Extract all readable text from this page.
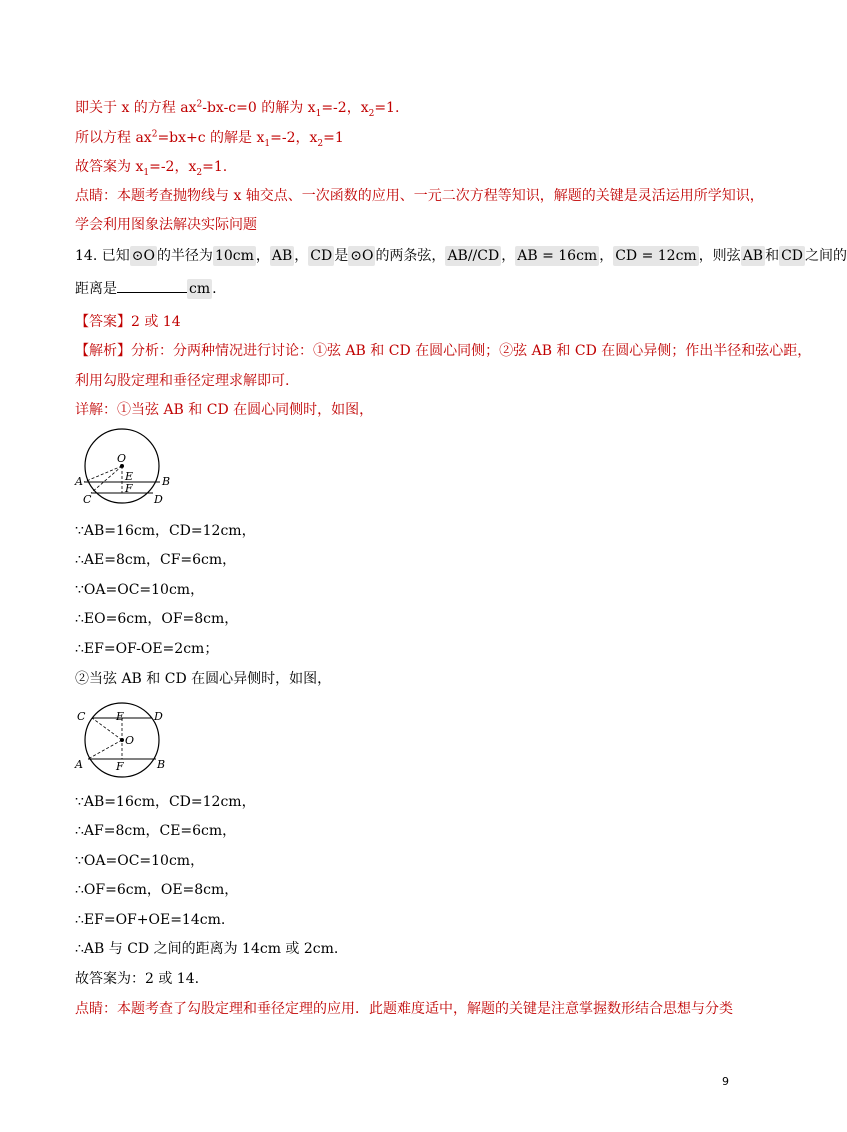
即关于 x 的方程 $ax^2-bx-c=0$ 的解为 $x_1=-2$，$x_2=1$.
所以方程 $ax^2=bx+c$ 的解是 $x_1=-2$，$x_2=1$
故答案为 $x_1=-2$，$x_2=1$.
点睛：本题考查抛物线与 x 轴交点、一次函数的应用、一元二次方程等知识，解题的关键是灵活运用所学知识，
学会利用图象法解决实际问题
14. 已知 ⊙O 的半径为 10cm ， AB ， CD 是 ⊙O 的两条弦， AB//CD ， AB = 16cm ， CD = 12cm ，则弦 AB 和 CD 之间的
距离是	cm .
【答案】2 或 14
【解析】分析：分两种情况进行讨论：①弦 AB 和 CD 在圆心同侧；②弦 AB 和 CD 在圆心异侧；作出半径和弦心距，
利用勾股定理和垂径定理求解即可.
详解：①当弦 AB 和 CD 在圆心同侧时，如图，
O
E
F
A	B
C	D
∵AB=16cm，CD=12cm，
∴AE=8cm，CF=6cm，
∵OA=OC=10cm，
∴EO=6cm，OF=8cm，
∴EF=OF-OE=2cm；
②当弦 AB 和 CD 在圆心异侧时，如图，
C	E	D
O
A	F	B
∵AB=16cm，CD=12cm，
∴AF=8cm，CE=6cm，
∵OA=OC=10cm，
∴OF=6cm，OE=8cm，
∴EF=OF+OE=14cm.
∴AB 与 CD 之间的距离为 14cm 或 2cm.
故答案为：2 或 14.
点睛：本题考查了勾股定理和垂径定理的应用．此题难度适中，解题的关键是注意掌握数形结合思想与分类
9
